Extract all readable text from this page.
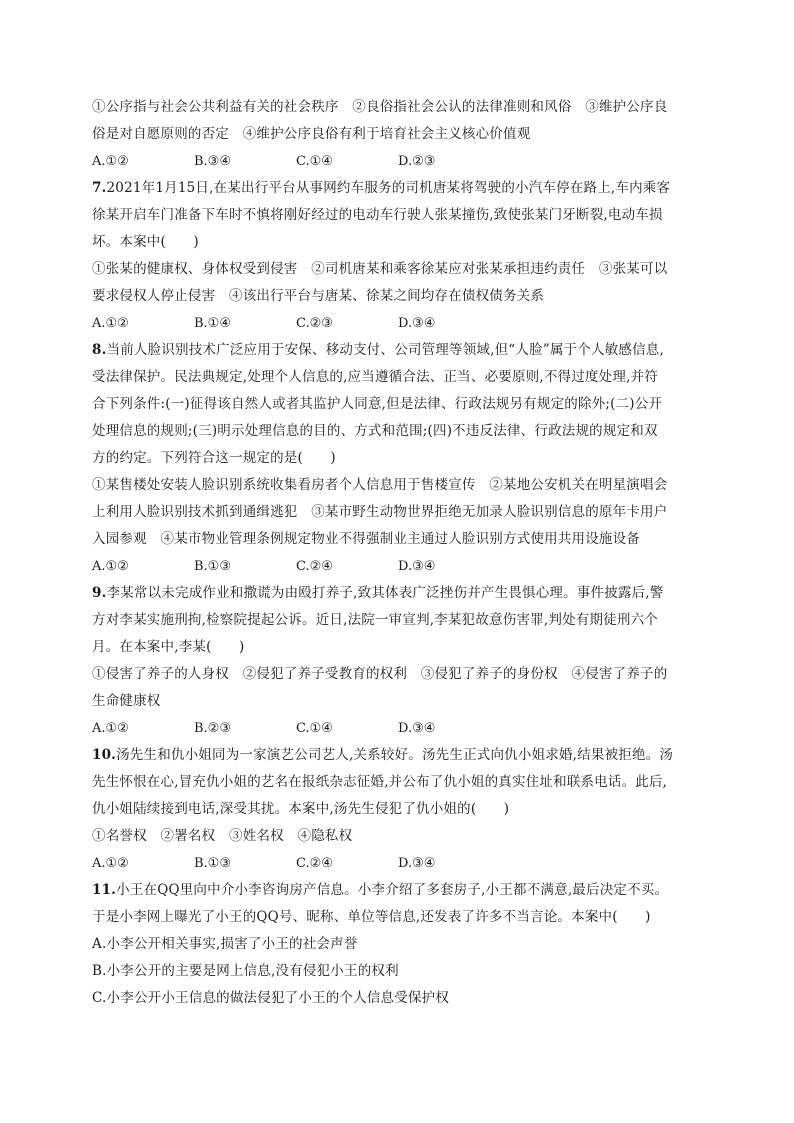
①公序指与社会公共利益有关的社会秩序　②良俗指社会公认的法律准则和风俗　③维护公序良
俗是对自愿原则的否定　④维护公序良俗有利于培育社会主义核心价值观
A.①②	B.③④	C.①④	D.②③
7.2021年1月15日,在某出行平台从事网约车服务的司机唐某将驾驶的小汽车停在路上,车内乘客
徐某开启车门准备下车时不慎将刚好经过的电动车行驶人张某撞伤,致使张某门牙断裂,电动车损
坏。本案中(　　)
①张某的健康权、身体权受到侵害　②司机唐某和乘客徐某应对张某承担违约责任　③张某可以
要求侵权人停止侵害　④该出行平台与唐某、徐某之间均存在债权债务关系
A.①②	B.①④	C.②③	D.③④
8.当前人脸识别技术广泛应用于安保、移动支付、公司管理等领域,但“人脸”属于个人敏感信息,
受法律保护。民法典规定,处理个人信息的,应当遵循合法、正当、必要原则,不得过度处理,并符
合下列条件:(一)征得该自然人或者其监护人同意,但是法律、行政法规另有规定的除外;(二)公开
处理信息的规则;(三)明示处理信息的目的、方式和范围;(四)不违反法律、行政法规的规定和双
方的约定。下列符合这一规定的是(　　)
①某售楼处安装人脸识别系统收集看房者个人信息用于售楼宣传　②某地公安机关在明星演唱会
上利用人脸识别技术抓到通缉逃犯　③某市野生动物世界拒绝无加录人脸识别信息的原年卡用户
入园参观　④某市物业管理条例规定物业不得强制业主通过人脸识别方式使用共用设施设备
A.①②	B.①③	C.②④	D.③④
9.李某常以未完成作业和撒谎为由殴打养子,致其体表广泛挫伤并产生畏惧心理。事件披露后,警
方对李某实施刑拘,检察院提起公诉。近日,法院一审宣判,李某犯故意伤害罪,判处有期徒刑六个
月。在本案中,李某(　　)
①侵害了养子的人身权　②侵犯了养子受教育的权利　③侵犯了养子的身份权　④侵害了养子的
生命健康权
A.①②	B.②③	C.①④	D.③④
10.汤先生和仇小姐同为一家演艺公司艺人,关系较好。汤先生正式向仇小姐求婚,结果被拒绝。汤
先生怀恨在心,冒充仇小姐的艺名在报纸杂志征婚,并公布了仇小姐的真实住址和联系电话。此后,
仇小姐陆续接到电话,深受其扰。本案中,汤先生侵犯了仇小姐的(　　)
①名誉权　②署名权　③姓名权　④隐私权
A.①②	B.①③	C.②④	D.③④
11.小王在QQ里向中介小李咨询房产信息。小李介绍了多套房子,小王都不满意,最后决定不买。
于是小李网上曝光了小王的QQ号、昵称、单位等信息,还发表了许多不当言论。本案中(　　)
A.小李公开相关事实,损害了小王的社会声誉
B.小李公开的主要是网上信息,没有侵犯小王的权利
C.小李公开小王信息的做法侵犯了小王的个人信息受保护权
